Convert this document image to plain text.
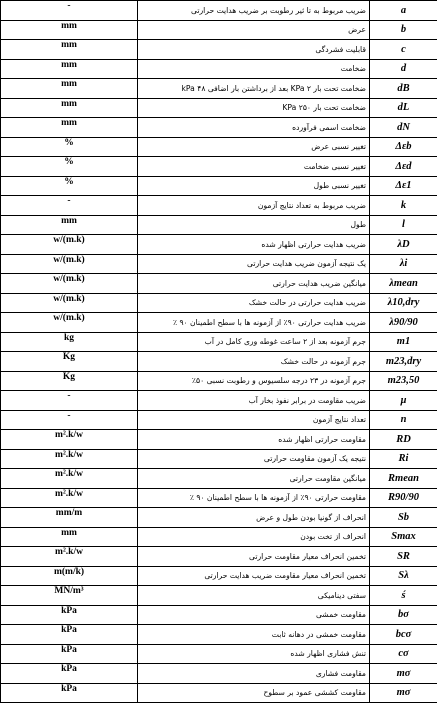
-	ضریب مربوط به تا ثیر رطوبت بر ضریب هدایت حرارتی	a
mm	عرض	b
mm	قابلیت فشردگی	c
mm	ضخامت	d
mm	ضخامت تحت بار ۲ KPa بعد از برداشتن بار اضافی ۴۸ kPa	dB
mm	ضخامت تحت بار ۲۵۰ KPa	dL
mm	ضخامت اسمی فرآورده	dN
%	تغییر نسبی عرض	Δεb
%	تغییر نسبی ضخامت	Δεd
%	تغییر نسبی طول	Δε1
-	ضریب مربوط به تعداد نتایج آزمون	k
mm	طول	l
w/(m.k)	ضریب هدایت حرارتی اظهار شده	λD
w/(m.k)	یک نتیجه آزمون ضریب هدایت حرارتی	λi
w/(m.k)	میانگین ضریب هدایت حرارتی	λmean
w/(m.k)	ضریب هدایت حرارتی در حالت خشک	λ10,dry
w/(m.k)	ضریب هدایت حرارتی ۹۰٪ از آزمونه ها با سطح اطمینان ۹۰ ٪	λ90/90
kg	جرم آزمونه بعد از ۲ ساعت غوطه وری کامل در آب	m1
Kg	جرم آزمونه در حالت خشک	m23,dry
Kg	جرم آزمونه در ۲۳ درجه سلسیوس و رطوبت نسبی ۵۰٪	m23,50
-	ضریب مقاومت در برابر نفوذ بخار آب	μ
-	تعداد نتایج آزمون	n
m².k/w	مقاومت حرارتی اظهار شده	RD
m².k/w	نتیجه یک آزمون مقاومت حرارتی	Ri
m².k/w	میانگین مقاومت حرارتی	Rmean
m².k/w	مقاومت حرارتی ۹۰٪ از آزمونه ها با سطح اطمینان ۹۰ ٪	R90/90
mm/m	انحراف از گونیا بودن طول و عرض	Sb
mm	انحراف از تخت بودن	Smax
m².k/w	تخمین انحراف معیار مقاومت حرارتی	SR
m(m/k)	تخمین انحراف معیار مقاومت ضریب هدایت حرارتی	Sλ
MN/m³	سفتی دینامیکی	ś
kPa	مقاومت خمشی	bσ
kPa	مقاومت خمشی در دهانه ثابت	bcσ
kPa	تنش فشاری اظهار شده	cσ
kPa	مقاومت فشاری	mσ
kPa	مقاومت کششی عمود بر سطوح	mσ
